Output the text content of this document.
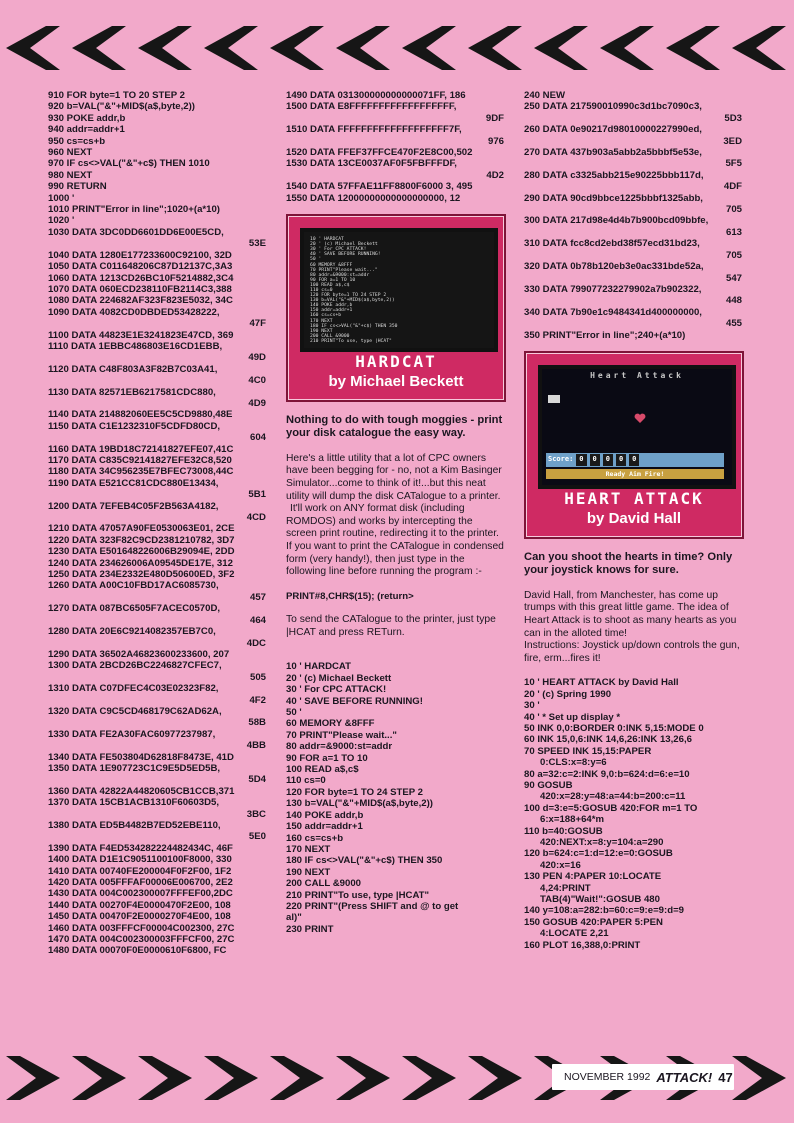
910 FOR byte=1 TO 20 STEP 2
920 b=VAL("&"+MID$(a$,byte,2))
930 POKE addr,b
940 addr=addr+1
950 cs=cs+b
960 NEXT
970 IF cs<>VAL("&"+c$) THEN 1010
980 NEXT
990 RETURN
1000 '
1010 PRINT"Error in line";1020+(a*10)
1020 '
1030 DATA 3DC0DD6601DD6E00E5CD,
53E
1040 DATA 1280E177233600C92100, 32D
1050 DATA C011648206C87D12137C,3A3
1060 DATA 1213CD26BC10F5214882,3C4
1070 DATA 060ECD238110FB2114C3,388
1080 DATA 224682AF323F823E5032, 34C
1090 DATA 4082CD0DBDED53428222,
47F
1100 DATA 44823E1E3241823E47CD, 369
1110 DATA 1EBBC486803E16CD1EBB,
49D
1120 DATA C48F803A3F82B7C03A41,
4C0
1130 DATA 82571EB6217581CDC880,
4D9
1140 DATA 214882060EE5C5CD9880,48E
1150 DATA C1E1232310F5CDFD80CD,
604
1160 DATA 19BD18C72141827EFE07,41C
1170 DATA C835C92141827EFE32C8,520
1180 DATA 34C956235E7BFEC73008,44C
1190 DATA E521CC81CDC880E13434,
5B1
1200 DATA 7EFEB4C05F2B563A4182,
4CD
1210 DATA 47057A90FE0530063E01, 2CE
1220 DATA 323F82C9CD2381210782, 3D7
1230 DATA E501648226006B29094E, 2DD
1240 DATA 234626006A09545DE17E, 312
1250 DATA 234E2332E480D50600ED, 3F2
1260 DATA A00C10FBD17AC6085730,
457
1270 DATA 087BC6505F7ACEC0570D,
464
1280 DATA 20E6C9214082357EB7C0,
4DC
1290 DATA 36502A46823600233600, 207
1300 DATA 2BCD26BC2246827CFEC7,
505
1310 DATA C07DFEC4C03E02323F82,
4F2
1320 DATA C9C5CD468179C62AD62A,
58B
1330 DATA FE2A30FAC60977237987,
4BB
1340 DATA FE503804D62818F8473E, 41D
1350 DATA 1E907723C1C9E5D5ED5B,
5D4
1360 DATA 42822A44820605CB1CCB,371
1370 DATA 15CB1ACB1310F60603D5,
3BC
1380 DATA ED5B4482B7ED52EBE110,
5E0
1390 DATA F4ED534282224482434C, 46F
1400 DATA D1E1C9051100100F8000, 330
1410 DATA 00740FE200004F0F2F00, 1F2
1420 DATA 005FFFAF00006E006700, 2E2
1430 DATA 004C002300007FFFEF00,2DC
1440 DATA 00270F4E0000470F2E00, 108
1450 DATA 00470F2E0000270F4E00, 108
1460 DATA 003FFFCF00004C002300, 27C
1470 DATA 004C002300003FFFCF00, 27C
1480 DATA 00070F0E0000610F6800, FC
1490 DATA 031300000000000071FF, 186
1500 DATA E8FFFFFFFFFFFFFFFFFF,
9DF
1510 DATA FFFFFFFFFFFFFFFFFFF7F,
976
1520 DATA FFEF37FFCE470F2E8C00,502
1530 DATA 13CE0037AF0F5FBFFFDF,
4D2
1540 DATA 57FFAE11FF8800F6000 3, 495
1550 DATA 12000000000000000000, 12
10 ' HARDCAT
20 ' (c) Michael Beckett
30 ' For CPC ATTACK!
40 ' SAVE BEFORE RUNNING!
50 '
60 MEMORY &8FFF
70 PRINT"Please wait..."
80 addr=&9000:st=addr
90 FOR a=1 TO 10
100 READ a$,c$
110 cs=0
120 FOR byte=1 TO 24 STEP 2
130 b=VAL("&"+MID$(a$,byte,2))
140 POKE addr,b
150 addr=addr+1
160 cs=cs+b
170 NEXT
180 IF cs<>VAL("&"+c$) THEN 350
190 NEXT
200 CALL &9000
210 PRINT"To use, type |HCAT"
HARDCAT
by Michael Beckett
Nothing to do with tough moggies - print your disk catalogue the easy way.
Here's a little utility that a lot of CPC owners have been begging for - no, not a Kim Basinger Simulator...come to think of it!...but this neat utility will dump the disk CATalogue to a printer.
It'll work on ANY format disk (including ROMDOS) and works by intercepting the screen print routine, redirecting it to the printer. If you want to print the CATalogue in condensed form (very handy!), then just type in the following line before running the program :-
PRINT#8,CHR$(15); (return>
To send the CATalogue to the printer, just type |HCAT and press RETurn.
10 ' HARDCAT
20 ' (c) Michael Beckett
30 ' For CPC ATTACK!
40 ' SAVE BEFORE RUNNING!
50 '
60 MEMORY &8FFF
70 PRINT"Please wait..."
80 addr=&9000:st=addr
90 FOR a=1 TO 10
100 READ a$,c$
110 cs=0
120 FOR byte=1 TO 24 STEP 2
130 b=VAL("&"+MID$(a$,byte,2))
140 POKE addr,b
150 addr=addr+1
160 cs=cs+b
170 NEXT
180 IF cs<>VAL("&"+c$) THEN 350
190 NEXT
200 CALL &9000
210 PRINT"To use, type |HCAT"
220 PRINT"(Press SHIFT and @ to get
al)"
230 PRINT
240 NEW
250 DATA 217590010990c3d1bc7090c3,
5D3
260 DATA 0e90217d98010000227990ed,
3ED
270 DATA 437b903a5abb2a5bbbf5e53e,
5F5
280 DATA c3325abb215e90225bbb117d,
4DF
290 DATA 90cd9bbce1225bbbf1325abb,
705
300 DATA 217d98e4d4b7b900bcd09bbfe,
613
310 DATA fcc8cd2ebd38f57ecd31bd23,
705
320 DATA 0b78b120eb3e0ac331bde52a,
547
330 DATA 799077232279902a7b902322,
448
340 DATA 7b90e1c9484341d400000000,
455
350 PRINT"Error in line";240+(a*10)
Heart Attack
Score: 0	0	0	0	0
Ready Aim Fire!
HEART ATTACK
by David Hall
Can you shoot the hearts in time? Only your joystick knows for sure.
David Hall, from Manchester, has come up trumps with this great little game. The idea of Heart Attack is to shoot as many hearts as you can in the alloted time!
Instructions: Joystick up/down controls the gun, fire, erm...fires it!
10 ' HEART ATTACK by David Hall
20 ' (c) Spring 1990
30 '
40 ' * Set up display *
50 INK 0,0:BORDER 0:INK 5,15:MODE 0
60 INK 15,0,6:INK 14,6,26:INK 13,26,6
70 SPEED INK 15,15:PAPER
0:CLS:x=8:y=6
80 a=32:c=2:INK 9,0:b=624:d=6:e=10
90 GOSUB
420:x=28:y=48:a=44:b=200:c=11
100 d=3:e=5:GOSUB 420:FOR m=1 TO
6:x=188+64*m
110 b=40:GOSUB
420:NEXT:x=8:y=104:a=290
120 b=624:c=1:d=12:e=0:GOSUB
420:x=16
130 PEN 4:PAPER 10:LOCATE
4,24:PRINT
TAB(4)"Wait!":GOSUB 480
140 y=108:a=282:b=60:c=9:e=9:d=9
150 GOSUB 420:PAPER 5:PEN
4:LOCATE 2,21
160 PLOT 16,388,0:PRINT
NOVEMBER 1992 ATTACK! 47
